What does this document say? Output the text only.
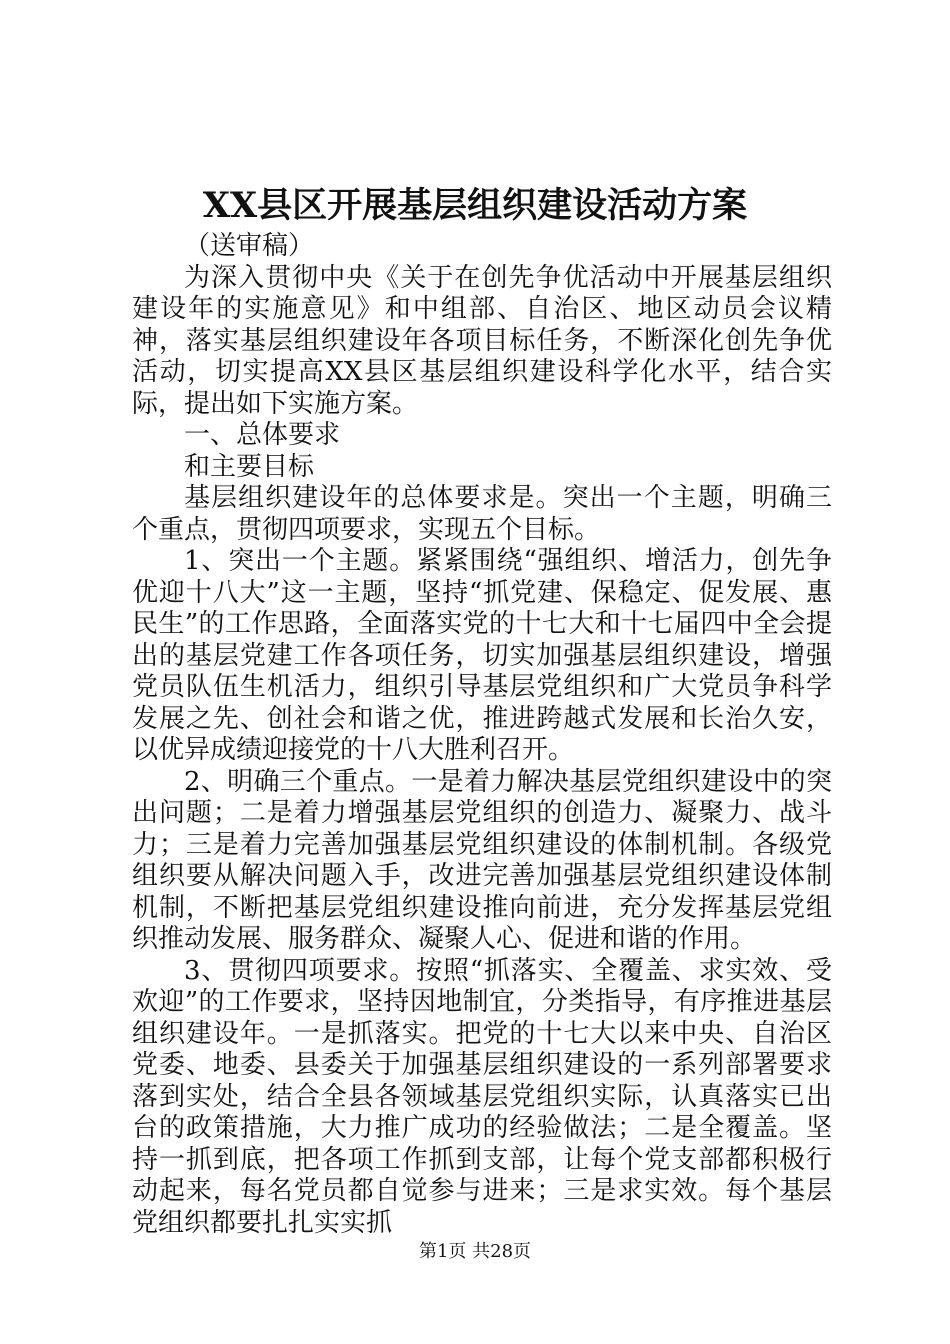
XX县区开展基层组织建设活动方案

（送审稿）

为深入贯彻中央《关于在创先争优活动中开展基层组织建设年的实施意见》和中组部、自治区、地区动员会议精神，落实基层组织建设年各项目标任务，不断深化创先争优活动，切实提高XX县区基层组织建设科学化水平，结合实际，提出如下实施方案。

一、总体要求

和主要目标

基层组织建设年的总体要求是。突出一个主题，明确三个重点，贯彻四项要求，实现五个目标。

1、突出一个主题。紧紧围绕“强组织、增活力，创先争优迎十八大”这一主题，坚持“抓党建、保稳定、促发展、惠民生”的工作思路，全面落实党的十七大和十七届四中全会提出的基层党建工作各项任务，切实加强基层组织建设，增强党员队伍生机活力，组织引导基层党组织和广大党员争科学发展之先、创社会和谐之优，推进跨越式发展和长治久安，以优异成绩迎接党的十八大胜利召开。

2、明确三个重点。一是着力解决基层党组织建设中的突出问题；二是着力增强基层党组织的创造力、凝聚力、战斗力；三是着力完善加强基层党组织建设的体制机制。各级党组织要从解决问题入手，改进完善加强基层党组织建设体制机制，不断把基层党组织建设推向前进，充分发挥基层党组织推动发展、服务群众、凝聚人心、促进和谐的作用。

3、贯彻四项要求。按照“抓落实、全覆盖、求实效、受欢迎”的工作要求，坚持因地制宜，分类指导，有序推进基层组织建设年。一是抓落实。把党的十七大以来中央、自治区党委、地委、县委关于加强基层组织建设的一系列部署要求落到实处，结合全县各领域基层党组织实际，认真落实已出台的政策措施，大力推广成功的经验做法；二是全覆盖。坚持一抓到底，把各项工作抓到支部，让每个党支部都积极行动起来，每名党员都自觉参与进来；三是求实效。每个基层党组织都要扎扎实实抓

第1页 共28页
